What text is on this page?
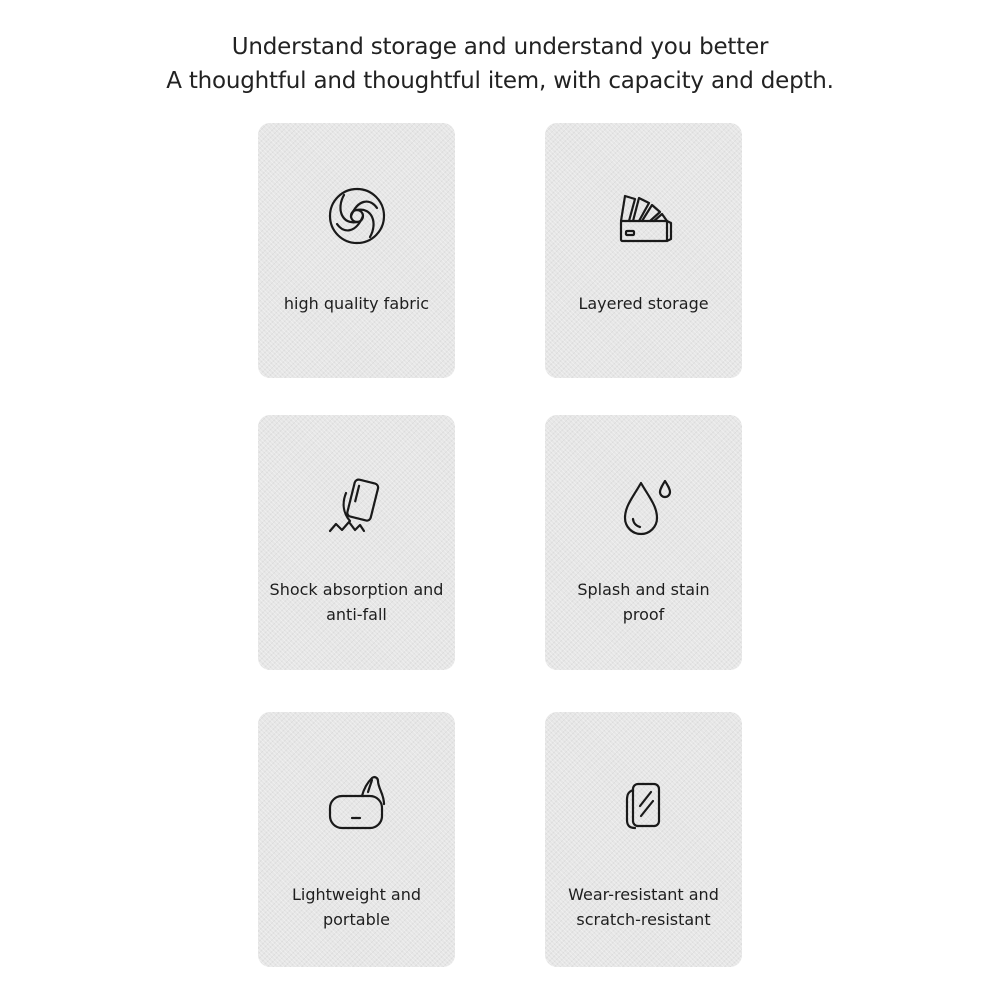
Understand storage and understand you better
A thoughtful and thoughtful item, with capacity and depth.
high quality fabric	Layered storage
Shock absorption and
anti-fall
Splash and stain
proof
Lightweight and
portable
Wear-resistant and
scratch-resistant
